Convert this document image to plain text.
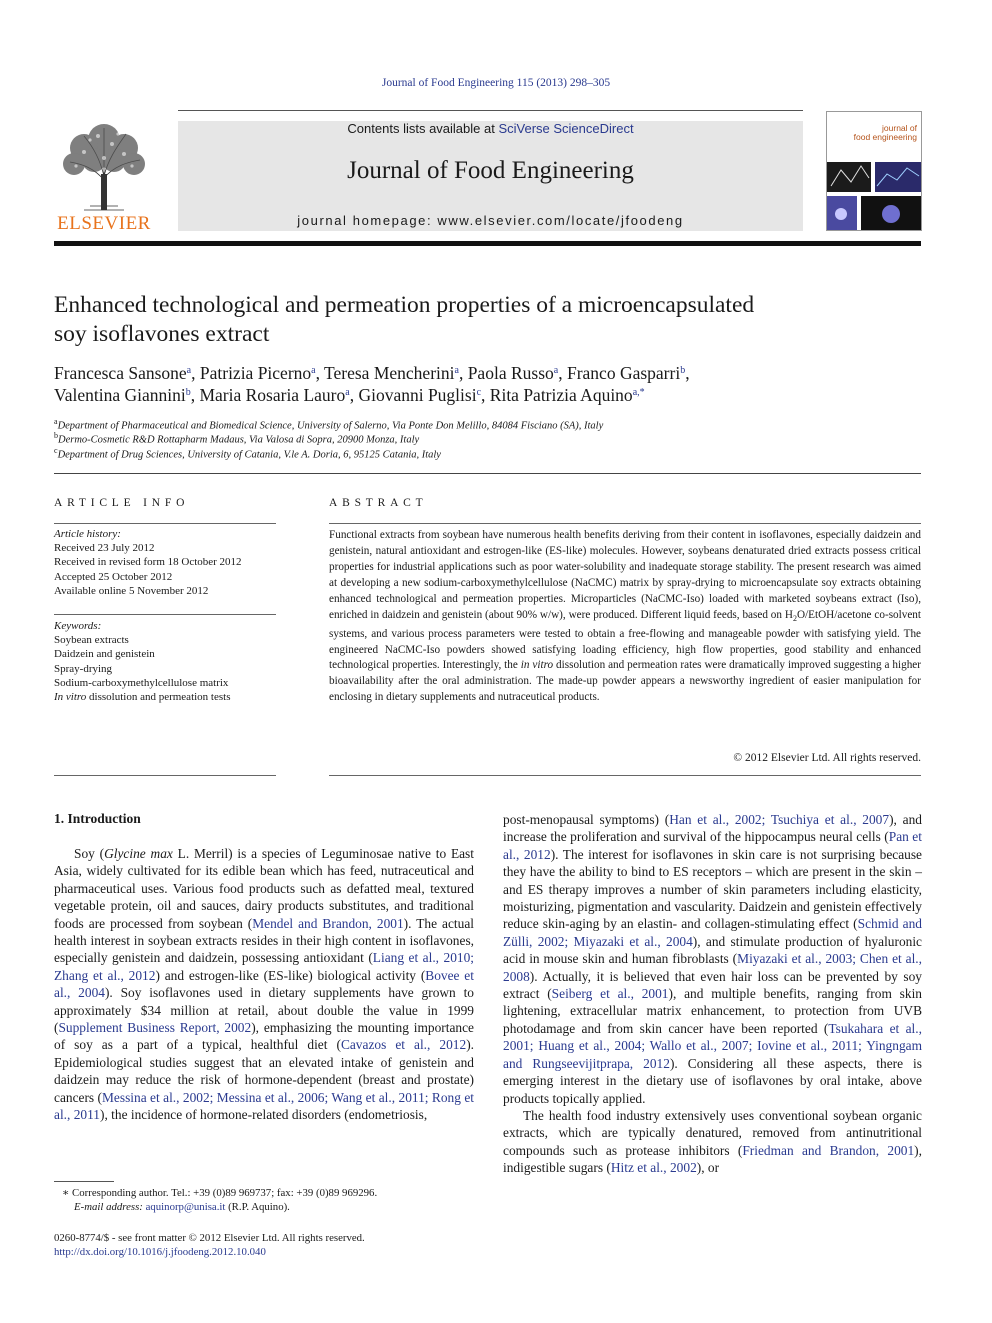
Journal of Food Engineering 115 (2013) 298–305
ELSEVIER
Contents lists available at SciVerse ScienceDirect
Journal of Food Engineering
journal homepage: www.elsevier.com/locate/jfoodeng
journal of
food engineering
Enhanced technological and permeation properties of a microencapsulated
soy isoflavones extract
Francesca Sansone$^a$, Patrizia Picerno$^a$, Teresa Mencherini$^a$, Paola Russo$^a$, Franco Gasparri$^b$,
Valentina Giannini$^b$, Maria Rosaria Lauro$^a$, Giovanni Puglisi$^c$, Rita Patrizia Aquino$^{a,*}$
$^a$Department of Pharmaceutical and Biomedical Science, University of Salerno, Via Ponte Don Melillo, 84084 Fisciano (SA), Italy
$^b$Dermo-Cosmetic R&D Rottapharm Madaus, Via Valosa di Sopra, 20900 Monza, Italy
$^c$Department of Drug Sciences, University of Catania, V.le A. Doria, 6, 95125 Catania, Italy
ARTICLE INFO
Article history:
Received 23 July 2012
Received in revised form 18 October 2012
Accepted 25 October 2012
Available online 5 November 2012
Keywords:
Soybean extracts
Daidzein and genistein
Spray-drying
Sodium-carboxymethylcellulose matrix
In vitro dissolution and permeation tests
ABSTRACT
Functional extracts from soybean have numerous health benefits deriving from their content in isoflavones, especially daidzein and genistein, natural antioxidant and estrogen-like (ES-like) molecules. However, soybeans denaturated dried extracts possess critical properties for industrial applications such as poor water-solubility and inadequate storage stability. The present research was aimed at developing a new sodium-carboxymethylcellulose (NaCMC) matrix by spray-drying to microencapsulate soy extracts obtaining enhanced technological and permeation properties. Microparticles (NaCMC-Iso) loaded with marketed soybeans extract (Iso), enriched in daidzein and genistein (about 90% w/w), were produced. Different liquid feeds, based on $H_2O/EtOH$/acetone co-solvent systems, and various process parameters were tested to obtain a free-flowing and manageable powder with satisfying yield. The engineered NaCMC-Iso powders showed satisfying loading efficiency, high flow properties, good stability and enhanced technological properties. Interestingly, the in vitro dissolution and permeation rates were dramatically improved suggesting a higher bioavailability after the oral administration. The made-up powder appears a newsworthy ingredient of easier manipulation for enclosing in dietary supplements and nutraceutical products.
© 2012 Elsevier Ltd. All rights reserved.
1. Introduction

Soy (Glycine max L. Merril) is a species of Leguminosae native to East Asia, widely cultivated for its edible bean which has feed, nutraceutical and pharmaceutical uses. Various food products such as defatted meal, textured vegetable protein, oil and sauces, dairy products substitutes, and traditional foods are processed from soybean (Mendel and Brandon, 2001). The actual health interest in soybean extracts resides in their high content in isoflavones, especially genistein and daidzein, possessing antioxidant (Liang et al., 2010; Zhang et al., 2012) and estrogen-like (ES-like) biological activity (Bovee et al., 2004). Soy isoflavones used in dietary supplements have grown to approximately $34 million at retail, about double the value in 1999 (Supplement Business Report, 2002), emphasizing the mounting importance of soy as a part of a typical, healthful diet (Cavazos et al., 2012). Epidemiological studies suggest that an elevated intake of genistein and daidzein may reduce the risk of hormone-dependent (breast and prostate) cancers (Messina et al., 2002; Messina et al., 2006; Wang et al., 2011; Rong et al., 2011), the incidence of hormone-related disorders (endometriosis,

post-menopausal symptoms) (Han et al., 2002; Tsuchiya et al., 2007), and increase the proliferation and survival of the hippocampus neural cells (Pan et al., 2012). The interest for isoflavones in skin care is not surprising because they have the ability to bind to ES receptors – which are present in the skin – and ES therapy improves a number of skin parameters including elasticity, moisturizing, pigmentation and vascularity. Daidzein and genistein effectively reduce skin-aging by an elastin- and collagen-stimulating effect (Schmid and Zülli, 2002; Miyazaki et al., 2004), and stimulate production of hyaluronic acid in mouse skin and human fibroblasts (Miyazaki et al., 2003; Chen et al., 2008). Actually, it is believed that even hair loss can be prevented by soy extract (Seiberg et al., 2001), and multiple benefits, ranging from skin lightening, extracellular matrix enhancement, to protection from UVB photodamage and from skin cancer have been reported (Tsukahara et al., 2001; Huang et al., 2004; Wallo et al., 2007; Iovine et al., 2011; Yingngam and Rungseevijitprapa, 2012). Considering all these aspects, there is emerging interest in the dietary use of isoflavones by oral intake, above products topically applied.

The health food industry extensively uses conventional soybean organic extracts, which are typically denatured, removed from antinutritional compounds such as protease inhibitors (Friedman and Brandon, 2001), indigestible sugars (Hitz et al., 2002), or

∗ Corresponding author. Tel.: +39 (0)89 969737; fax: +39 (0)89 969296.
E-mail address: aquinorp@unisa.it (R.P. Aquino).
0260-8774/$ - see front matter © 2012 Elsevier Ltd. All rights reserved.
http://dx.doi.org/10.1016/j.jfoodeng.2012.10.040
